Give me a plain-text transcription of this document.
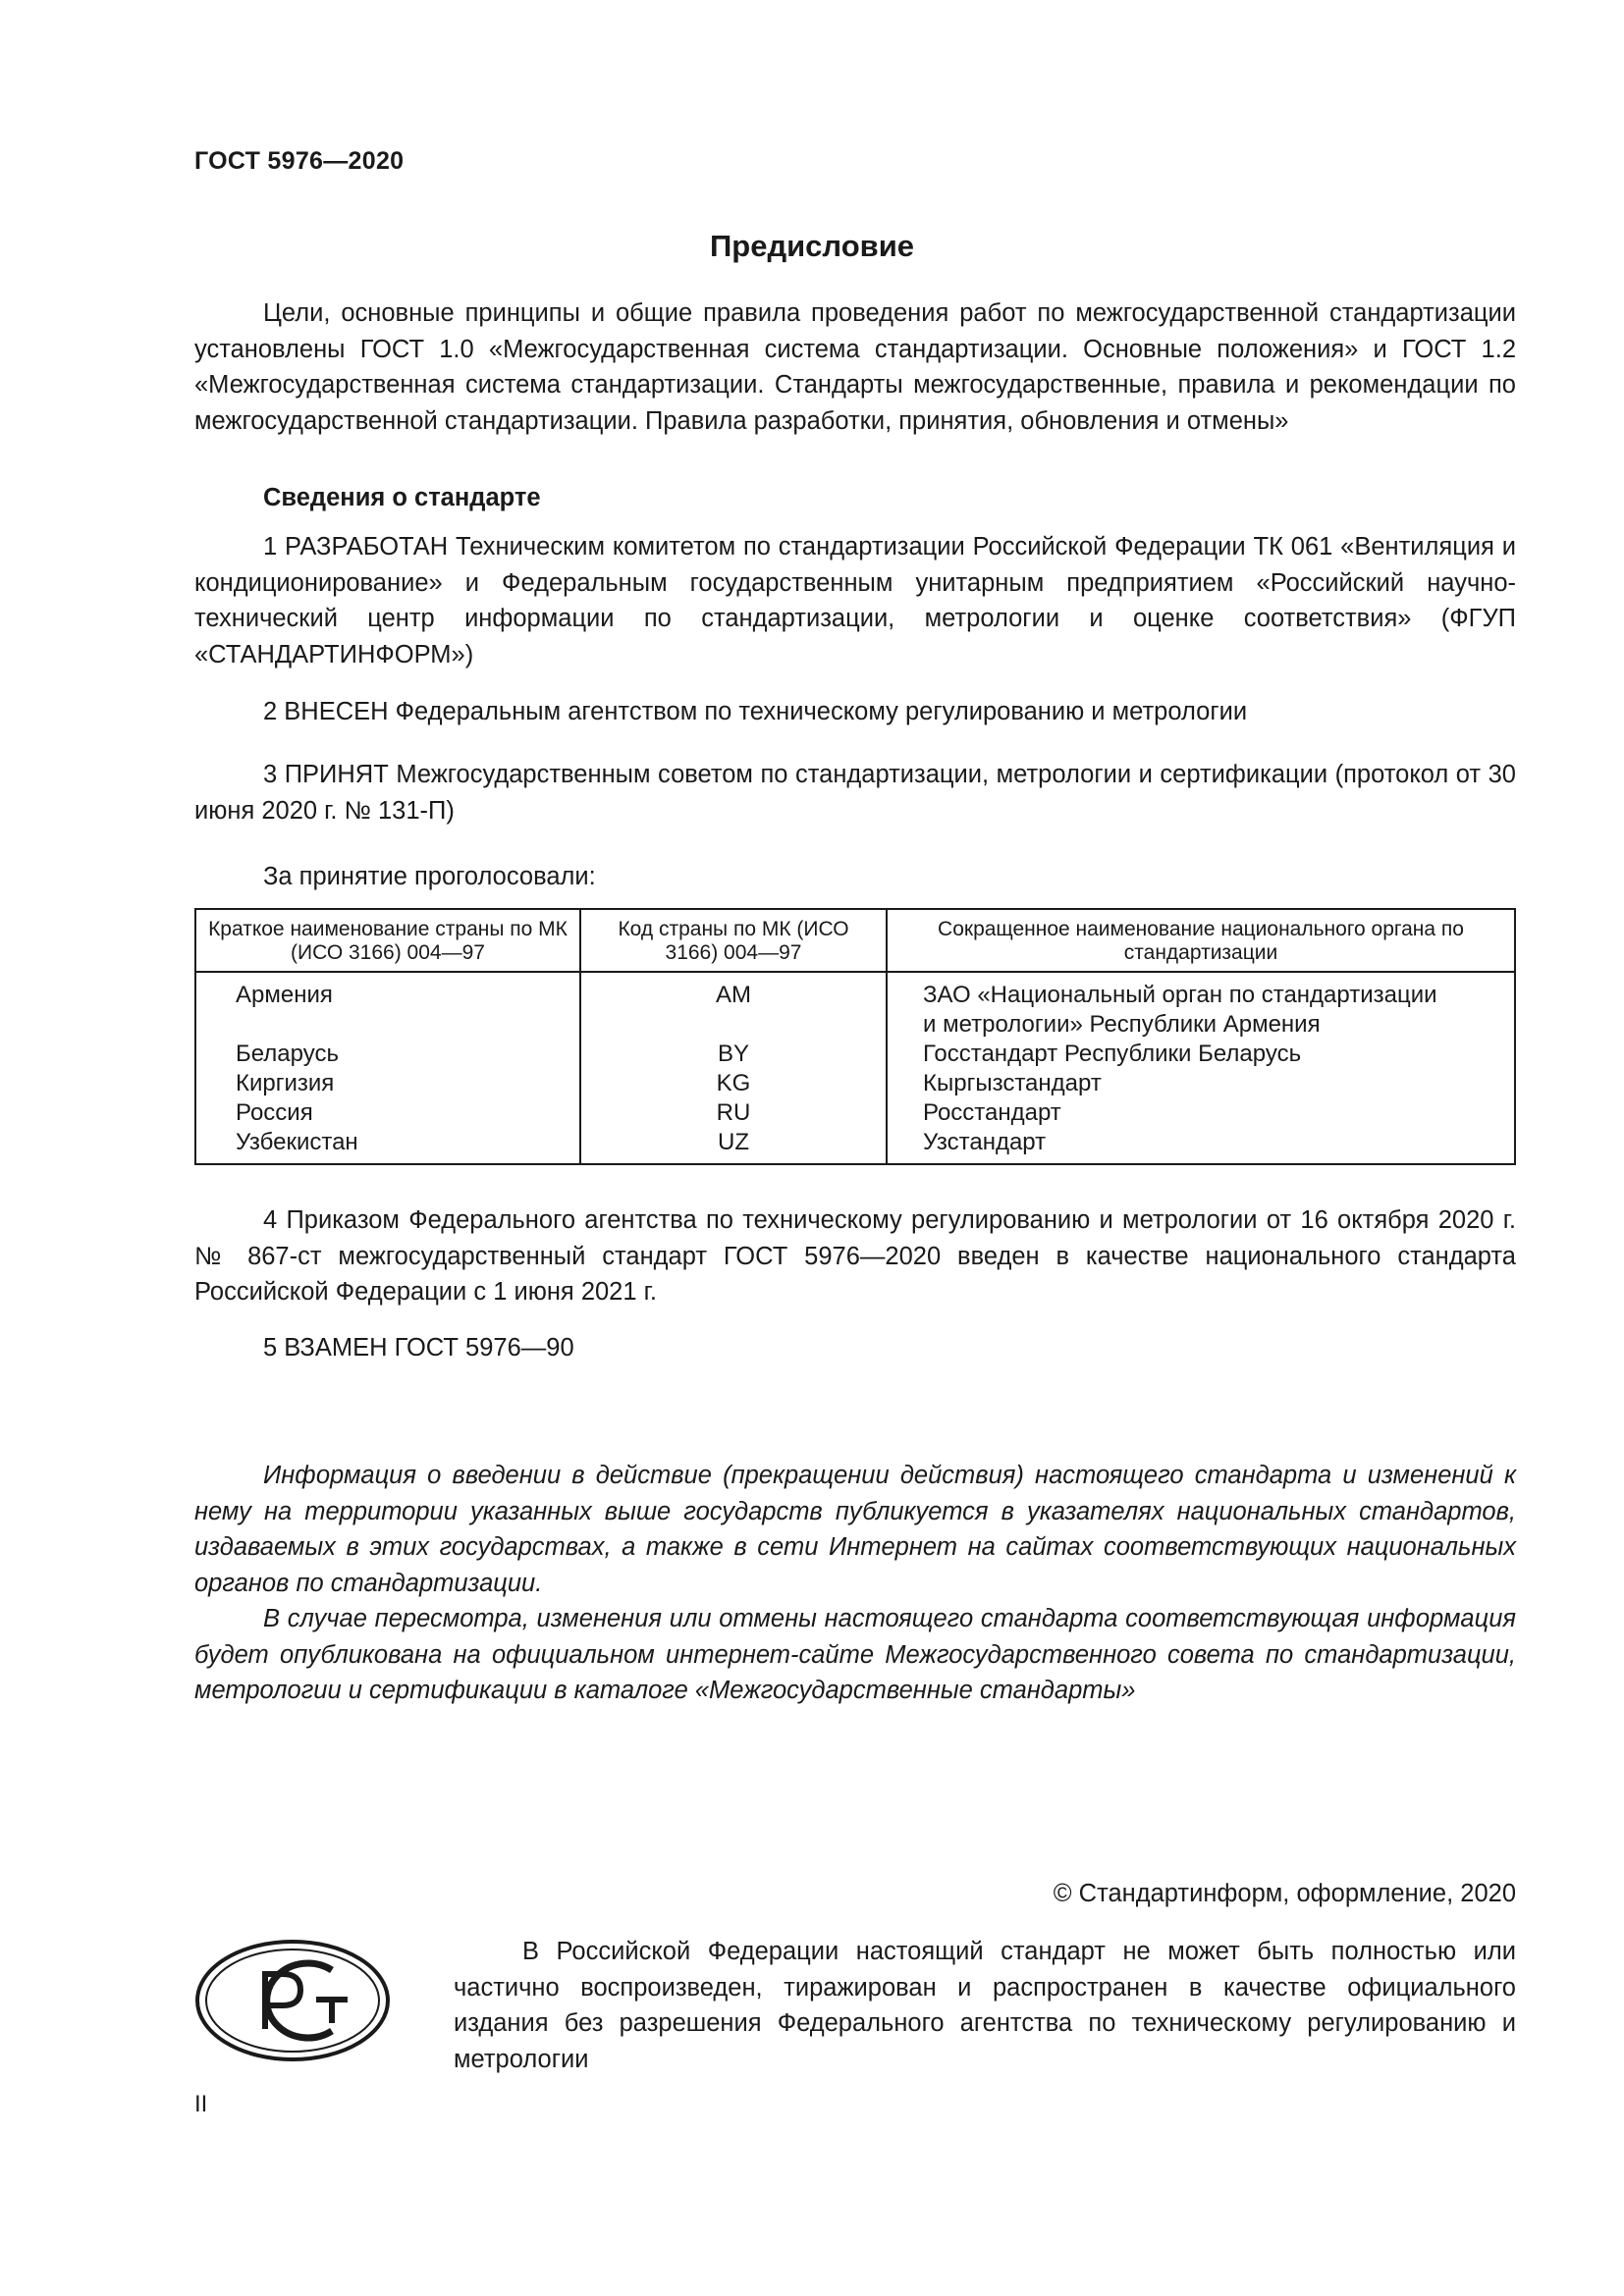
ГОСТ 5976—2020
Предисловие

Цели, основные принципы и общие правила проведения работ по межгосударственной стандартизации установлены ГОСТ 1.0 «Межгосударственная система стандартизации. Основные положения» и ГОСТ 1.2 «Межгосударственная система стандартизации. Стандарты межгосударственные, правила и рекомендации по межгосударственной стандартизации. Правила разработки, принятия, обновления и отмены»

Сведения о стандарте

1 РАЗРАБОТАН Техническим комитетом по стандартизации Российской Федерации ТК 061 «Вентиляция и кондиционирование» и Федеральным государственным унитарным предприятием «Российский научно-технический центр информации по стандартизации, метрологии и оценке соответствия» (ФГУП «СТАНДАРТИНФОРМ»)

2 ВНЕСЕН Федеральным агентством по техническому регулированию и метрологии

3 ПРИНЯТ Межгосударственным советом по стандартизации, метрологии и сертификации (протокол от 30 июня 2020 г. № 131-П)

За принятие проголосовали:

Краткое наименование страны по МК (ИСО 3166) 004—97	Код страны по МК (ИСО 3166) 004—97	Сокращенное наименование национального органа по стандартизации
Армения	AM	ЗАО «Национальный орган по стандартизации
и метрологии» Республики Армения

Беларусь	BY	Госстандарт Республики Беларусь
Киргизия	KG	Кыргызстандарт
Россия	RU	Росстандарт
Узбекистан	UZ	Узстандарт

4 Приказом Федерального агентства по техническому регулированию и метрологии от 16 октября 2020 г. № 867-ст межгосударственный стандарт ГОСТ 5976—2020 введен в качестве национального стандарта Российской Федерации с 1 июня 2021 г.

5 ВЗАМЕН ГОСТ 5976—90

Информация о введении в действие (прекращении действия) настоящего стандарта и изменений к нему на территории указанных выше государств публикуется в указателях национальных стандартов, издаваемых в этих государствах, а также в сети Интернет на сайтах соответствующих национальных органов по стандартизации.

В случае пересмотра, изменения или отмены настоящего стандарта соответствующая информация будет опубликована на официальном интернет-сайте Межгосударственного совета по стандартизации, метрологии и сертификации в каталоге «Межгосударственные стандарты»

© Стандартинформ, оформление, 2020

В Российской Федерации настоящий стандарт не может быть полностью или частично воспроизведен, тиражирован и распространен в качестве официального издания без разрешения Федерального агентства по техническому регулированию и метрологии

II
